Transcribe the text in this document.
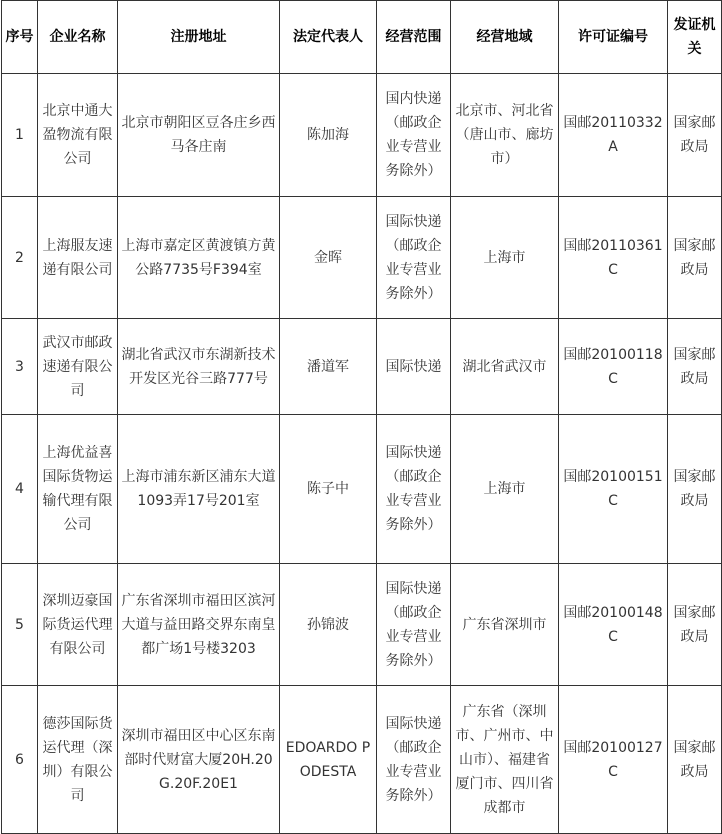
序号	企业名称	注册地址	法定代表人	经营范围	经营地域	许可证编号	发证机关
1	北京中通大盈物流有限公司	北京市朝阳区豆各庄乡西马各庄南	陈加海	国内快递（邮政企业专营业务除外）	北京市、河北省（唐山市、廊坊市）	国邮20110332A	国家邮政局
2	上海服友速递有限公司	上海市嘉定区黄渡镇方黄公路7735号F394室	金晖	国际快递（邮政企业专营业务除外）	上海市	国邮20110361C	国家邮政局
3	武汉市邮政速递有限公司	湖北省武汉市东湖新技术开发区光谷三路777号	潘道军	国际快递	湖北省武汉市	国邮20100118C	国家邮政局
4	上海优益喜国际货物运输代理有限公司	上海市浦东新区浦东大道1093弄17号201室	陈子中	国际快递（邮政企业专营业务除外）	上海市	国邮20100151C	国家邮政局
5	深圳迈豪国际货运代理有限公司	广东省深圳市福田区滨河大道与益田路交界东南皇都广场1号楼3203	孙锦波	国际快递（邮政企业专营业务除外）	广东省深圳市	国邮20100148C	国家邮政局
6	德莎国际货运代理（深圳）有限公司	深圳市福田区中心区东南部时代财富大厦20H.20G.20F.20E1	EDOARDO PODESTA	国际快递（邮政企业专营业务除外）	广东省（深圳市、广州市、中山市）、福建省厦门市、四川省成都市	国邮20100127C	国家邮政局
